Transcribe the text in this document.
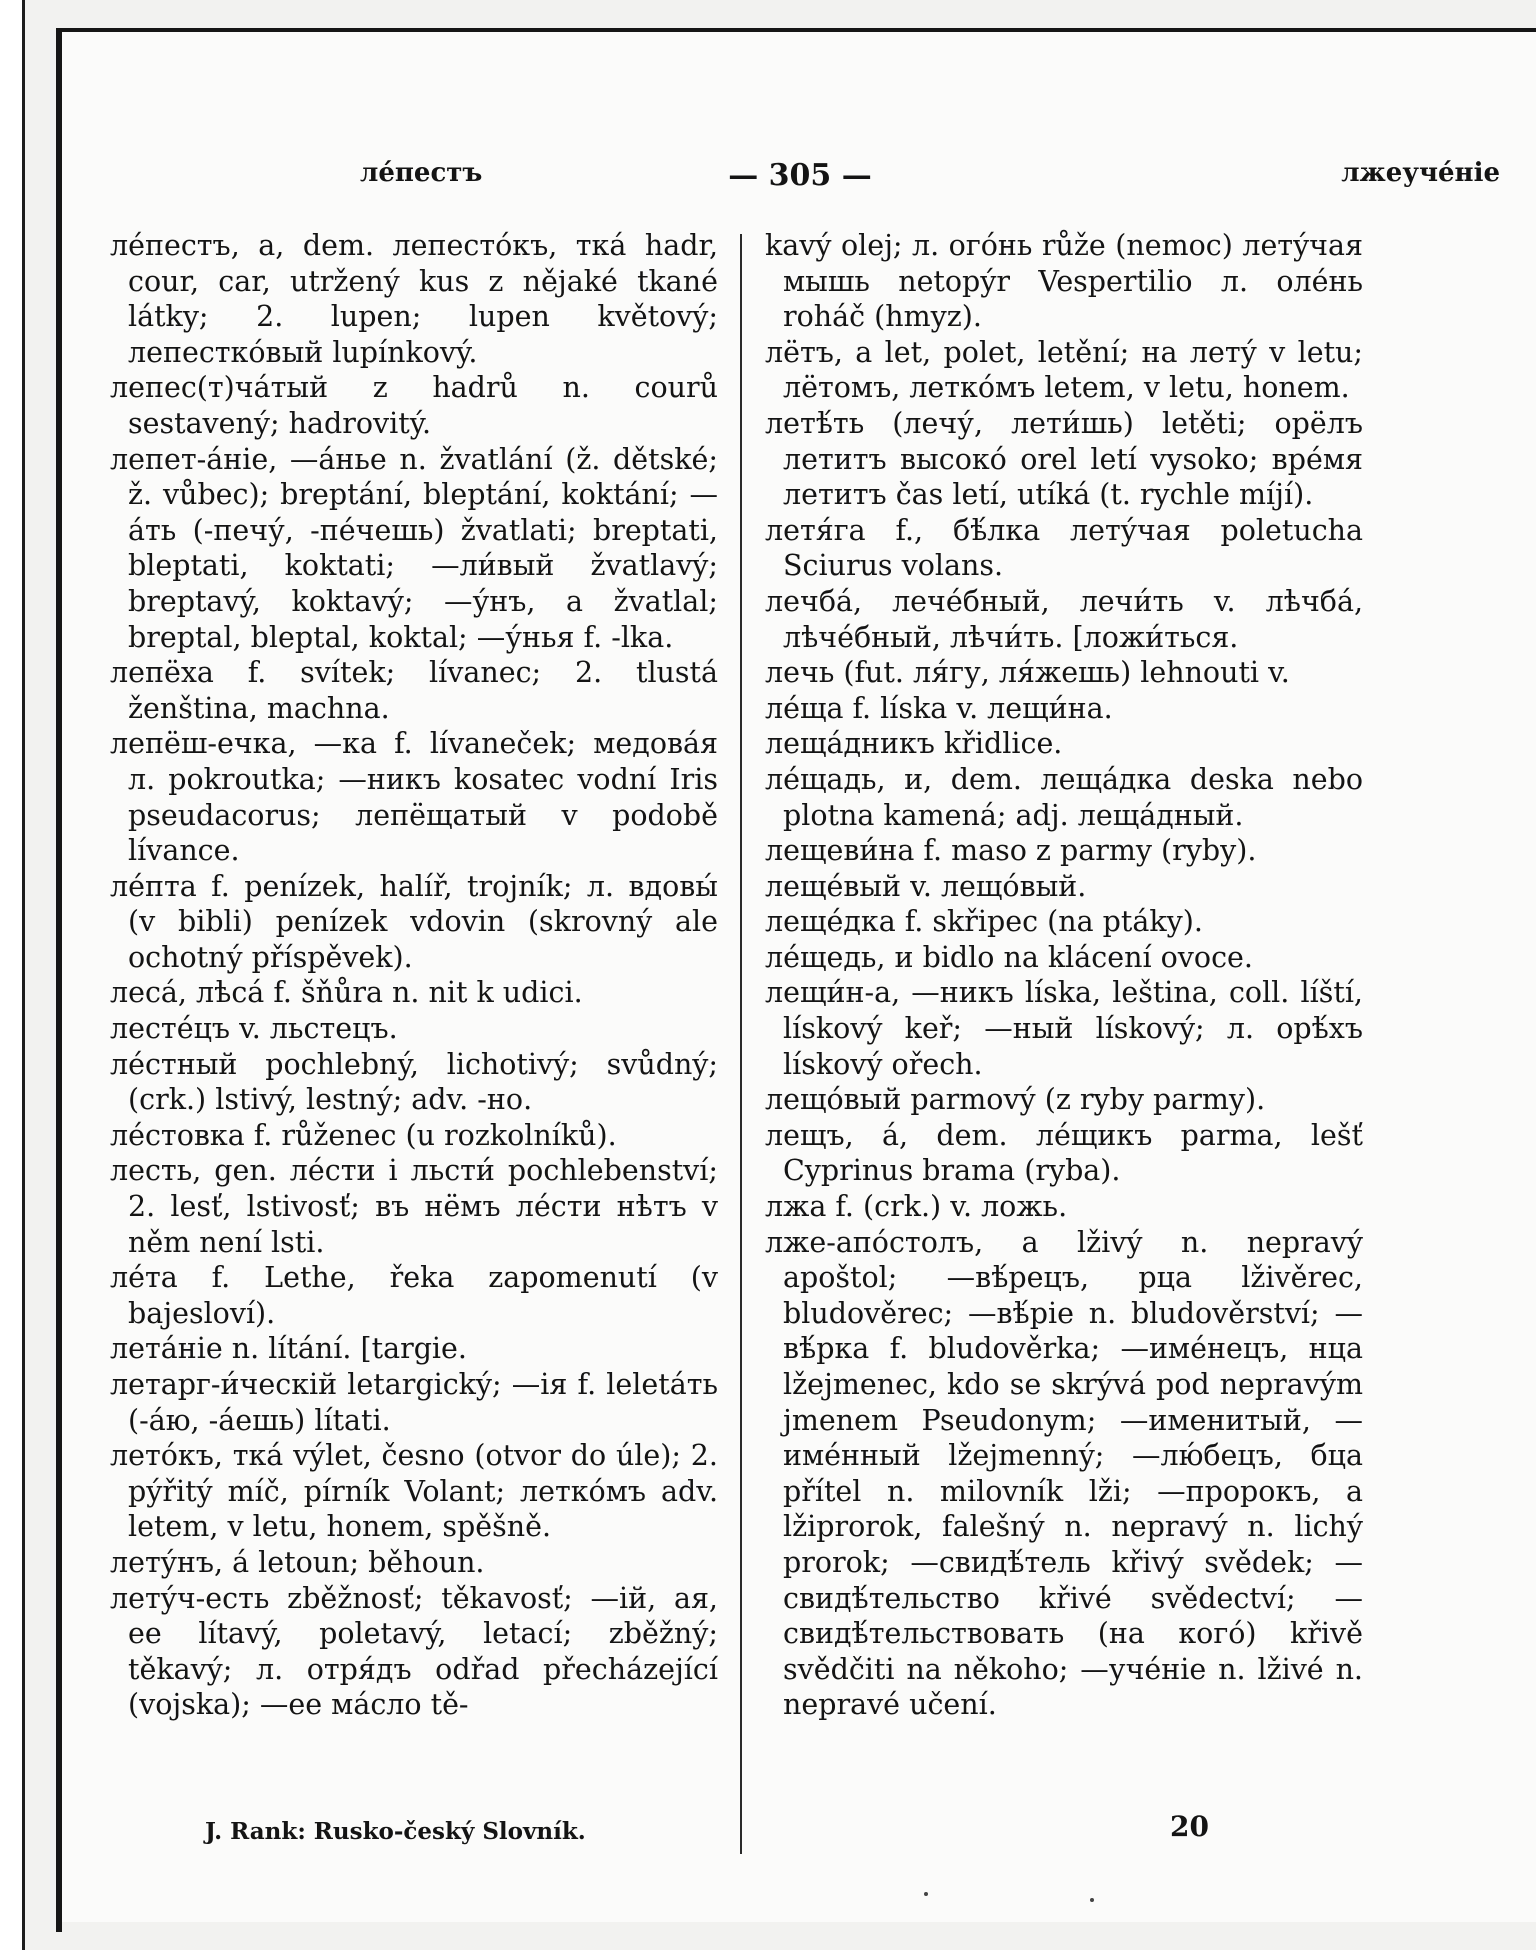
лéпестъ	— 305 —	лжеучéніе

лéпестъ, а, dem. лепестóкъ, тка́ hadr, cour, car, utržený kus z nějaké tkané látky; 2. lupen; lupen květový; лепестко́вый lupínkový.

лепес(т)ча́тый z hadrů n. courů sestavený; hadrovitý.

лепет-áніе, —áнье n. žvatlání (ž. dětské; ž. vůbec); breptání, bleptání, koktání; —áть (-печу́, -пéчешь) žvatlati; breptati, bleptati, koktati; —ли́вый žvatlavý; breptavý, koktavý; —у́нъ, а žvatlal; breptal, bleptal, koktal; —у́нья f. -lka.

лепёха f. svítek; lívanec; 2. tlustá ženština, machna.

лепёш-ечка, —ка f. lívaneček; медова́я л. pokroutka; —никъ kosatec vodní Iris pseudacorus; лепёщатый v podobě lívance.

лéпта f. penízek, halíř, trojník; л. вдовы́ (v bibli) penízek vdovin (skrovný ale ochotný příspěvek).

леса́, лѣса́ f. šňůra n. nit k udici.

лестéцъ v. льстецъ.

лéстный pochlebný, lichotivý; svůdný; (crk.) lstivý, lestný; adv. -но.

лéстовка f. růženec (u rozkolníků).

лесть, gen. лéсти i льсти́ pochlebenství; 2. lesť, lstivosť; въ нёмъ лéсти нѣтъ v něm není lsti.

лéта f. Lethe, řeka zapomenutí (v bajesloví).

летáніе n. lítání. [targie.

летарг-и́ческій letargický; —ія f. leletáть (-áю, -áешь) lítati.

летóкъ, тка́ výlet, česno (otvor do úle); 2. pýřitý míč, pírník Volant; леткóмъ adv. letem, v letu, honem, spěšně.

летýнъ, á letoun; běhoun.

летýч-есть zběžnosť; těkavosť; —ій, ая, ее lítavý, poletavý, letací; zběžný; těkavý; л. отря́дъ odřad přecházející (vojska); —ее ма́сло tě-

kavý olej; л. огóнь růže (nemoc) летýчая мышь netopýr Vespertilio л. олéнь roháč (hmyz).

лётъ, а let, polet, letění; на летý v letu; лётомъ, леткóмъ letem, v letu, honem.

летѣ́ть (лечу́, лети́шь) letěti; орёлъ летитъ высокó orel letí vysoko; врéмя летитъ čas letí, utíká (t. rychle míjí).

летя́га f., бѣ́лка летýчая poletucha Sciurus volans.

лечба́, лечéбный, лечи́ть v. лѣчба́, лѣчéбный, лѣчи́ть. [ложи́ться.

лечь (fut. ля́гу, ля́жешь) lehnouti v.

лéща f. líska v. лещи́на.

лещáдникъ křidlice.

лéщадь, и, dem. лещáдка deska nebo plotna kamená; adj. лещáдный.

лещеви́на f. maso z parmy (ryby).

лещéвый v. лещóвый.

лещéдка f. skřipec (na ptáky).

лéщедь, и bidlo na klácení ovoce.

лещи́н-а, —никъ líska, leština, coll. líští, lískový keř; —ный lískový; л. орѣ́хъ lískový ořech.

лещóвый parmový (z ryby parmy).

лещъ, á, dem. лéщикъ parma, lešť Cyprinus brama (ryba).

лжа f. (crk.) v. ложь.

лже-апóстолъ, а lživý n. nepravý apoštol; —вѣ́рецъ, рца lživěrec, bludověrec; —вѣ́ріе n. bludověrství; —вѣ́рка f. bludověrka; —имéнецъ, нца lžejmenec, kdo se skrývá pod nepravým jmenem Pseudonym; —именитый, —имéнный lžejmenný; —лю́бецъ, бца přítel n. milovník lži; —пророкъ, а lžiprorok, falešný n. nepravý n. lichý prorok; —свидѣ́тель křivý svědek; —свидѣ́тельство křivé svědectví; —свидѣ́тельствовать (на когó) křivě svědčiti na někoho; —учéніе n. lživé n. nepravé učení.

J. Rank: Rusko-český Slovník.	20
